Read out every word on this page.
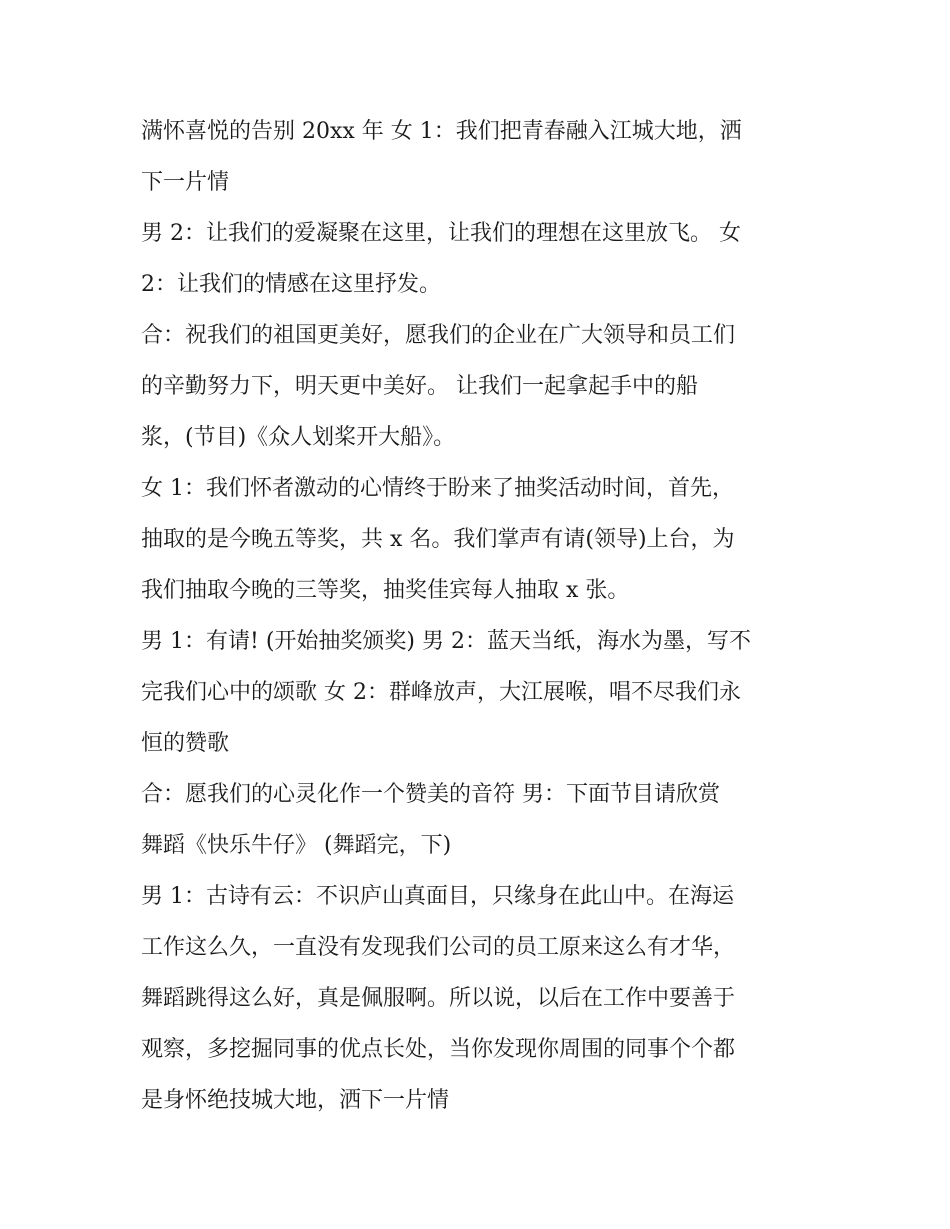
满怀喜悦的告别 20xx 年 女 1：我们把青春融入江城大地，洒
下一片情
男 2：让我们的爱凝聚在这里，让我们的理想在这里放飞。 女
2：让我们的情感在这里抒发。
合：祝我们的祖国更美好，愿我们的企业在广大领导和员工们
的辛勤努力下，明天更中美好。 让我们一起拿起手中的船
浆，(节目)《众人划桨开大船》。
女 1：我们怀者激动的心情终于盼来了抽奖活动时间，首先，
抽取的是今晚五等奖，共 x 名。我们掌声有请(领导)上台，为
我们抽取今晚的三等奖，抽奖佳宾每人抽取 x 张。
男 1：有请! (开始抽奖颁奖) 男 2：蓝天当纸，海水为墨，写不
完我们心中的颂歌 女 2：群峰放声，大江展喉，唱不尽我们永
恒的赞歌
合：愿我们的心灵化作一个赞美的音符 男：下面节目请欣赏
舞蹈《快乐牛仔》 (舞蹈完，下)
男 1：古诗有云：不识庐山真面目，只缘身在此山中。在海运
工作这么久，一直没有发现我们公司的员工原来这么有才华，
舞蹈跳得这么好，真是佩服啊。所以说，以后在工作中要善于
观察，多挖掘同事的优点长处，当你发现你周围的同事个个都
是身怀绝技城大地，洒下一片情
